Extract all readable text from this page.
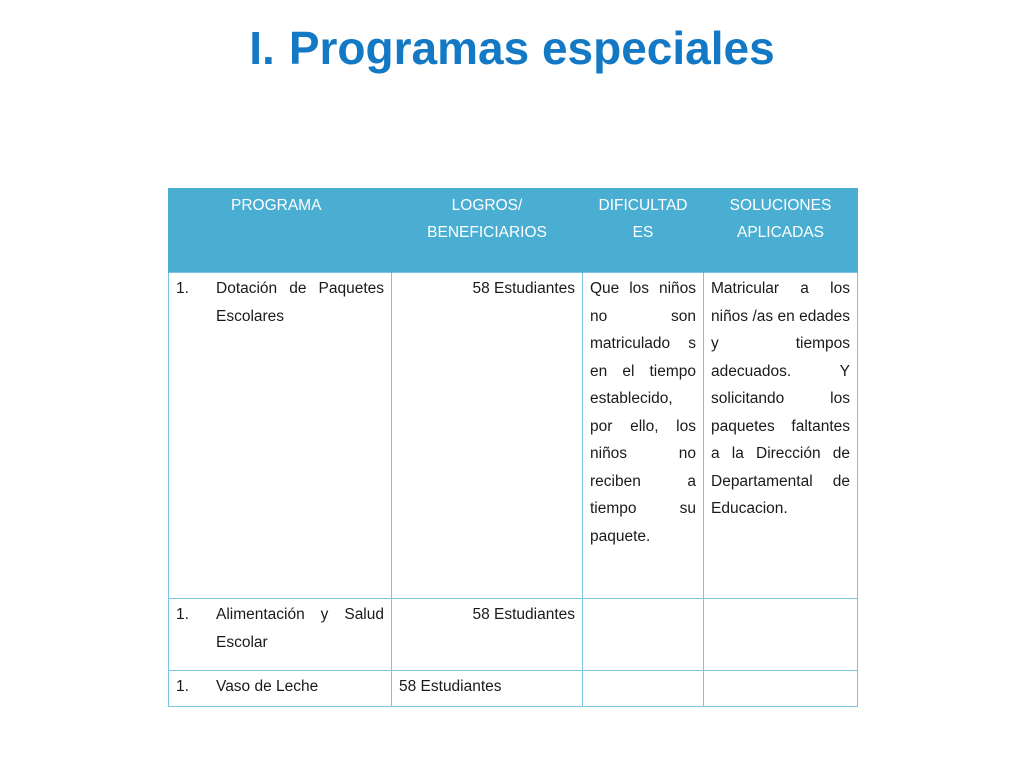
I. Programas especiales
PROGRAMA	LOGROS/ BENEFICIARIOS	DIFICULTAD ES	SOLUCIONES APLICADAS

1. Dotación de Paquetes Escolares	58 Estudiantes	Que los niños no son matriculado s en el tiempo establecido, por ello, los niños no reciben a tiempo su paquete.	Matricular a los niños /as en edades y tiempos adecuados. Y solicitando los paquetes faltantes a la Dirección de Departamental de Educacion.

1. Alimentación y Salud Escolar	58 Estudiantes		

1. Vaso de Leche	58 Estudiantes		
